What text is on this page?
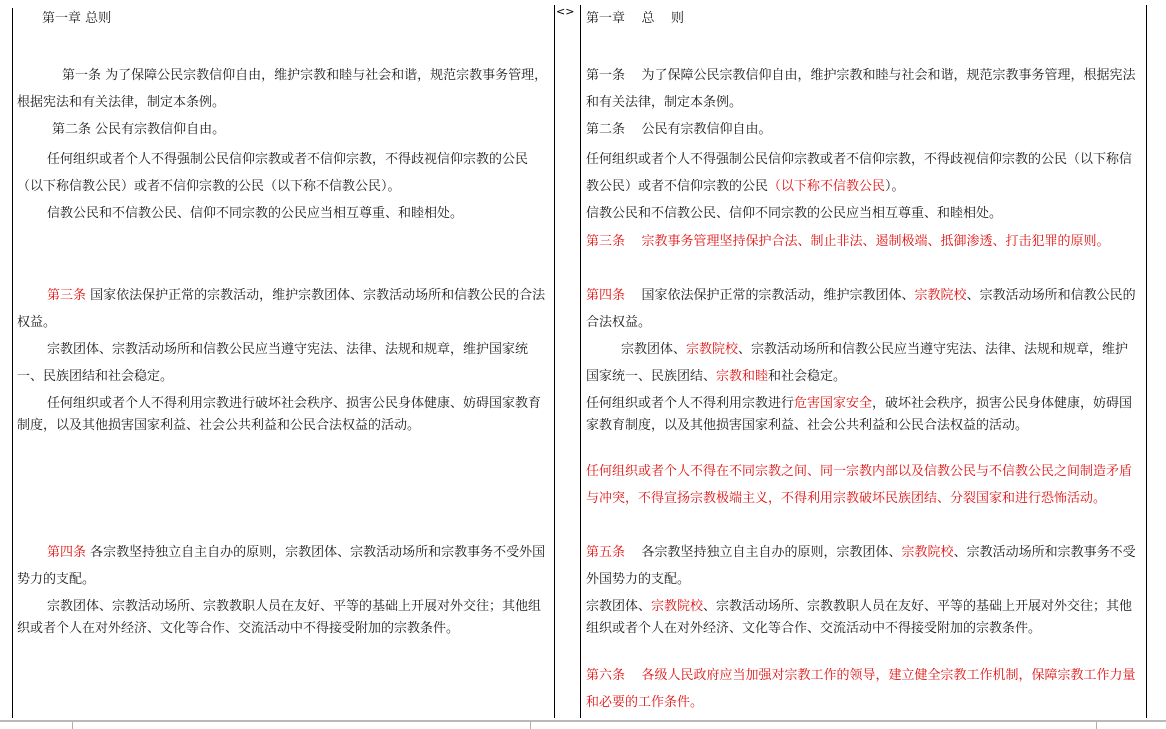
<>
第一章 总则
第一条 为了保障公民宗教信仰自由，维护宗教和睦与社会和谐，规范宗教事务管理，根据宪法和有关法律，制定本条例。
第二条 公民有宗教信仰自由。
任何组织或者个人不得强制公民信仰宗教或者不信仰宗教，不得歧视信仰宗教的公民（以下称信教公民）或者不信仰宗教的公民（以下称不信教公民）。
信教公民和不信教公民、信仰不同宗教的公民应当相互尊重、和睦相处。
第三条 国家依法保护正常的宗教活动，维护宗教团体、宗教活动场所和信教公民的合法权益。
宗教团体、宗教活动场所和信教公民应当遵守宪法、法律、法规和规章，维护国家统一、民族团结和社会稳定。
任何组织或者个人不得利用宗教进行破坏社会秩序、损害公民身体健康、妨碍国家教育制度，以及其他损害国家利益、社会公共利益和公民合法权益的活动。
第四条 各宗教坚持独立自主自办的原则，宗教团体、宗教活动场所和宗教事务不受外国势力的支配。
宗教团体、宗教活动场所、宗教教职人员在友好、平等的基础上开展对外交往；其他组织或者个人在对外经济、文化等合作、交流活动中不得接受附加的宗教条件。
第一章    总    则
第一条    为了保障公民宗教信仰自由，维护宗教和睦与社会和谐，规范宗教事务管理，根据宪法和有关法律，制定本条例。
第二条    公民有宗教信仰自由。
任何组织或者个人不得强制公民信仰宗教或者不信仰宗教，不得歧视信仰宗教的公民（以下称信教公民）或者不信仰宗教的公民（以下称不信教公民）。
信教公民和不信教公民、信仰不同宗教的公民应当相互尊重、和睦相处。
第三条    宗教事务管理坚持保护合法、制止非法、遏制极端、抵御渗透、打击犯罪的原则。
第四条    国家依法保护正常的宗教活动，维护宗教团体、宗教院校、宗教活动场所和信教公民的合法权益。
宗教团体、宗教院校、宗教活动场所和信教公民应当遵守宪法、法律、法规和规章，维护国家统一、民族团结、宗教和睦和社会稳定。
任何组织或者个人不得利用宗教进行危害国家安全，破坏社会秩序，损害公民身体健康，妨碍国家教育制度，以及其他损害国家利益、社会公共利益和公民合法权益的活动。
任何组织或者个人不得在不同宗教之间、同一宗教内部以及信教公民与不信教公民之间制造矛盾与冲突，不得宣扬宗教极端主义，不得利用宗教破坏民族团结、分裂国家和进行恐怖活动。
第五条    各宗教坚持独立自主自办的原则，宗教团体、宗教院校、宗教活动场所和宗教事务不受外国势力的支配。
宗教团体、宗教院校、宗教活动场所、宗教教职人员在友好、平等的基础上开展对外交往；其他组织或者个人在对外经济、文化等合作、交流活动中不得接受附加的宗教条件。
第六条    各级人民政府应当加强对宗教工作的领导，建立健全宗教工作机制，保障宗教工作力量和必要的工作条件。
